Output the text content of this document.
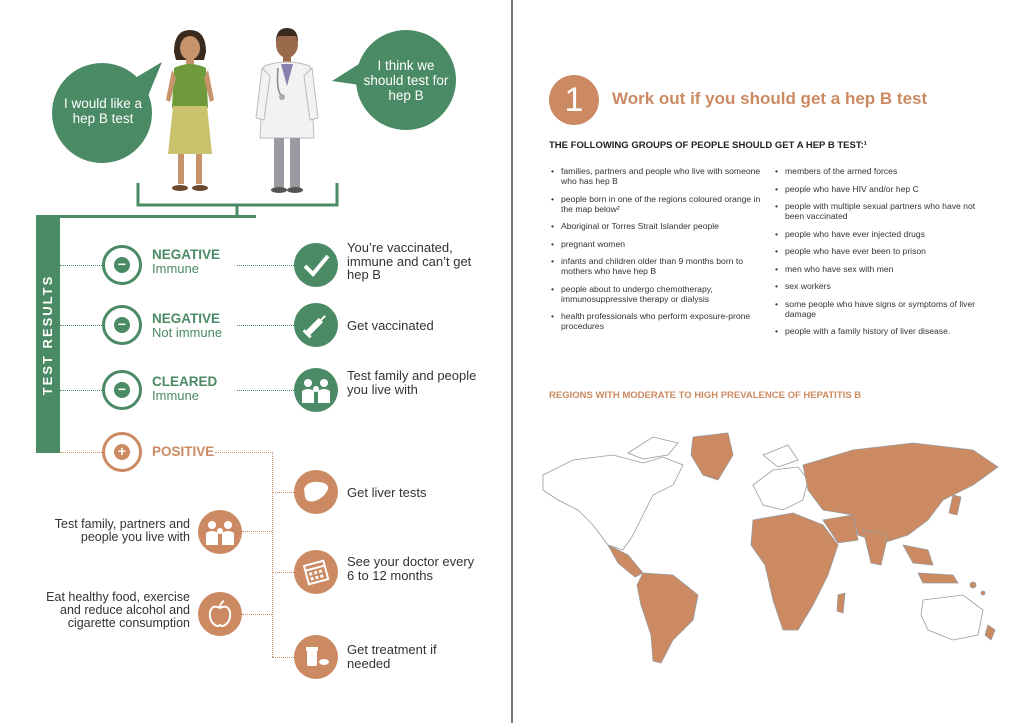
I would like a hep B test
I think we should test for hep B
TEST RESULTS
−
NEGATIVE
Immune
You’re vaccinated, immune and can’t get hep B
− NEGATIVE
Not immune	Get vaccinated
− CLEARED
Immune
Test family and people you live with
+ POSITIVE
Get liver tests
See your doctor every 6 to 12 months
Get treatment if needed
Test family, partners and people you live with
Eat healthy food, exercise and reduce alcohol and cigarette consumption
1	Work out if you should get a hep B test
THE FOLLOWING GROUPS OF PEOPLE SHOULD GET A HEP B TEST:¹
• families, partners and people who live with someone who has hep B
• people born in one of the regions coloured orange in the map below²
• Aboriginal or Torres Strait Islander people
• pregnant women
• infants and children older than 9 months born to mothers who have hep B
• people about to undergo chemotherapy, immunosuppressive therapy or dialysis
• health professionals who perform exposure-prone procedures
• members of the armed forces
• people who have HIV and/or hep C
• people with multiple sexual partners who have not been vaccinated
• people who have ever injected drugs
• people who have ever been to prison
• men who have sex with men
• sex workers
• some people who have signs or symptoms of liver damage
• people with a family history of liver disease.
REGIONS WITH MODERATE TO HIGH PREVALENCE OF HEPATITIS B
